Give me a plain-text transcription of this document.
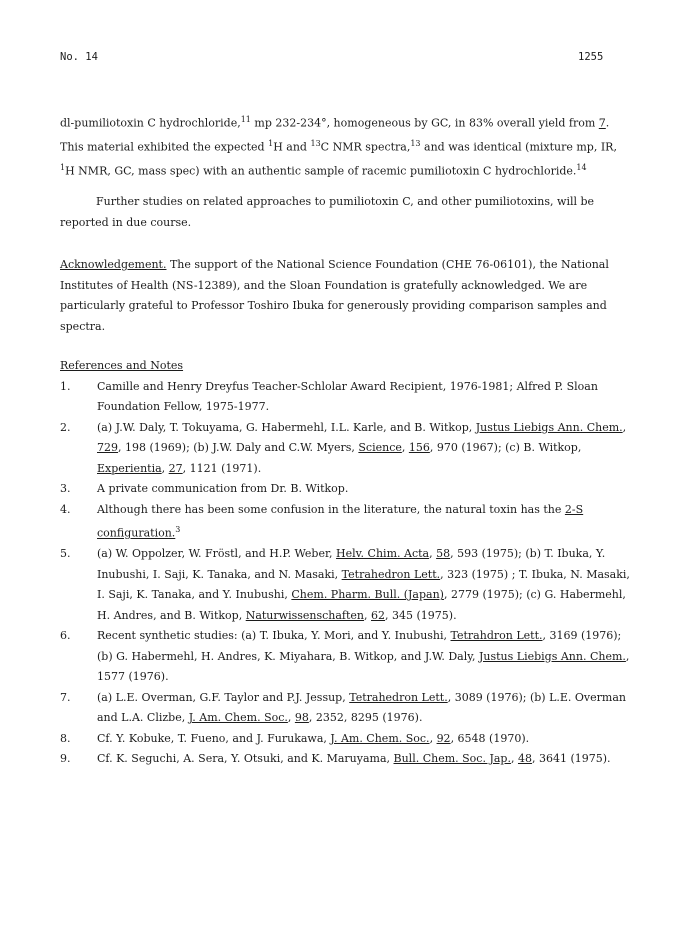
No. 14	1255
dl-pumiliotoxin C hydrochloride,$^{11}$ mp 232-234°, homogeneous by GC, in 83% overall yield from 7. This material exhibited the expected $^1$H and $^{13}$C NMR spectra,$^{13}$ and was identical (mixture mp, IR, $^1$H NMR, GC, mass spec) with an authentic sample of racemic pumiliotoxin C hydrochloride.$^{14}$
Further studies on related approaches to pumiliotoxin C, and other pumiliotoxins, will be reported in due course.
Acknowledgement. The support of the National Science Foundation (CHE 76-06101), the National Institutes of Health (NS-12389), and the Sloan Foundation is gratefully acknowledged. We are particularly grateful to Professor Toshiro Ibuka for generously providing comparison samples and spectra.
References and Notes
1.	Camille and Henry Dreyfus Teacher-Schlolar Award Recipient, 1976-1981; Alfred P. Sloan Foundation Fellow, 1975-1977.
2.	(a) J.W. Daly, T. Tokuyama, G. Habermehl, I.L. Karle, and B. Witkop, Justus Liebigs Ann. Chem., 729, 198 (1969); (b) J.W. Daly and C.W. Myers, Science, 156, 970 (1967); (c) B. Witkop, Experientia, 27, 1121 (1971).
3.	A private communication from Dr. B. Witkop.
4.	Although there has been some confusion in the literature, the natural toxin has the 2-S configuration.$^3$
5.	(a) W. Oppolzer, W. Fröstl, and H.P. Weber, Helv. Chim. Acta, 58, 593 (1975); (b) T. Ibuka, Y. Inubushi, I. Saji, K. Tanaka, and N. Masaki, Tetrahedron Lett., 323 (1975) ; T. Ibuka, N. Masaki, I. Saji, K. Tanaka, and Y. Inubushi, Chem. Pharm. Bull. (Japan), 2779 (1975); (c) G. Habermehl, H. Andres, and B. Witkop, Naturwissenschaften, 62, 345 (1975).
6.	Recent synthetic studies: (a) T. Ibuka, Y. Mori, and Y. Inubushi, Tetrahdron Lett., 3169 (1976); (b) G. Habermehl, H. Andres, K. Miyahara, B. Witkop, and J.W. Daly, Justus Liebigs Ann. Chem., 1577 (1976).
7.	(a) L.E. Overman, G.F. Taylor and P.J. Jessup, Tetrahedron Lett., 3089 (1976); (b) L.E. Overman and L.A. Clizbe, J. Am. Chem. Soc., 98, 2352, 8295 (1976).
8.	Cf. Y. Kobuke, T. Fueno, and J. Furukawa, J. Am. Chem. Soc., 92, 6548 (1970).
9.	Cf. K. Seguchi, A. Sera, Y. Otsuki, and K. Maruyama, Bull. Chem. Soc. Jap., 48, 3641 (1975).
